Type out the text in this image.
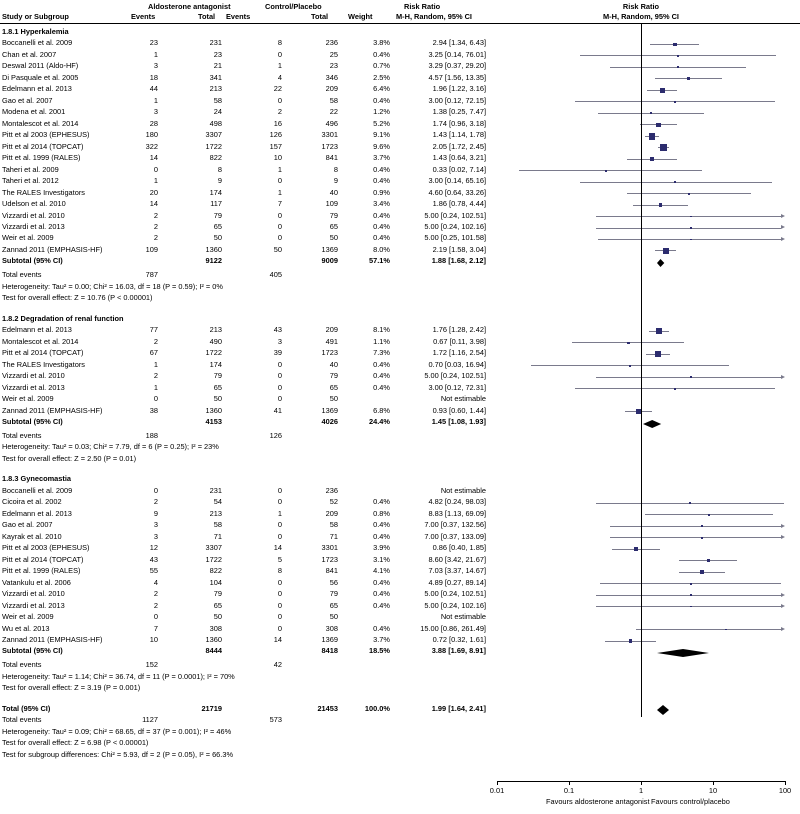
Aldosterone antagonist	Control/Placebo	Risk Ratio	Risk Ratio
Study or Subgroup	Events	Total Events	Total	Weight	M-H, Random, 95% CI	M-H, Random, 95% CI
1.8.1 Hyperkalemia
Boccanelli et al. 2009	23	231	8	236	3.8%	2.94 [1.34, 6.43]
Chan et al. 2007	1	23	0	25	0.4%	3.25 [0.14, 76.01]
Deswal 2011 (Aldo-HF)	3	21	1	23	0.7%	3.29 [0.37, 29.20]
Di Pasquale et al. 2005	18	341	4	346	2.5%	4.57 [1.56, 13.35]
Edelmann et al. 2013	44	213	22	209	6.4%	1.96 [1.22, 3.16]
Gao et al. 2007	1	58	0	58	0.4%	3.00 [0.12, 72.15]
Modena et al. 2001	3	24	2	22	1.2%	1.38 [0.25, 7.47]
Montalescot et al. 2014	28	498	16	496	5.2%	1.74 [0.96, 3.18]
Pitt et al 2003 (EPHESUS)	180	3307	126	3301	9.1%	1.43 [1.14, 1.78]
Pitt et al 2014 (TOPCAT)	322	1722	157	1723	9.6%	2.05 [1.72, 2.45]
Pitt et al. 1999 (RALES)	14	822	10	841	3.7%	1.43 [0.64, 3.21]
Taheri et al. 2009	0	8	1	8	0.4%	0.33 [0.02, 7.14]
Taheri et al. 2012	1	9	0	9	0.4%	3.00 [0.14, 65.16]
The RALES Investigators	20	174	1	40	0.9%	4.60 [0.64, 33.26]
Udelson et al. 2010	14	117	7	109	3.4%	1.86 [0.78, 4.44]
Vizzardi et al. 2010	2	79	0	79	0.4%	5.00 [0.24, 102.51]
Vizzardi et al. 2013	2	65	0	65	0.4%	5.00 [0.24, 102.16]
Weir et al. 2009	2	50	0	50	0.4%	5.00 [0.25, 101.58]
Zannad 2011 (EMPHASIS-HF)	109	1360	50	1369	8.0%	2.19 [1.58, 3.04]
Subtotal (95% CI)	9122	9009	57.1%	1.88 [1.68, 2.12]
Total events	787	405
Heterogeneity: Tau² = 0.00; Chi² = 16.03, df = 18 (P = 0.59); I² = 0%
Test for overall effect: Z = 10.76 (P < 0.00001)
1.8.2 Degradation of renal function
Edelmann et al. 2013	77	213	43	209	8.1%	1.76 [1.28, 2.42]
Montalescot et al. 2014	2	490	3	491	1.1%	0.67 [0.11, 3.98]
Pitt et al 2014 (TOPCAT)	67	1722	39	1723	7.3%	1.72 [1.16, 2.54]
The RALES Investigators	1	174	0	40	0.4%	0.70 [0.03, 16.94]
Vizzardi et al. 2010	2	79	0	79	0.4%	5.00 [0.24, 102.51]
Vizzardi et al. 2013	1	65	0	65	0.4%	3.00 [0.12, 72.31]
Weir et al. 2009	0	50	0	50	Not estimable
Zannad 2011 (EMPHASIS-HF)	38	1360	41	1369	6.8%	0.93 [0.60, 1.44]
Subtotal (95% CI)	4153	4026	24.4%	1.45 [1.08, 1.93]
Total events	188	126
Heterogeneity: Tau² = 0.03; Chi² = 7.79, df = 6 (P = 0.25); I² = 23%
Test for overall effect: Z = 2.50 (P = 0.01)
1.8.3 Gynecomastia
Boccanelli et al. 2009	0	231	0	236	Not estimable
Cicoira et al. 2002	2	54	0	52	0.4%	4.82 [0.24, 98.03]
Edelmann et al. 2013	9	213	1	209	0.8%	8.83 [1.13, 69.09]
Gao et al. 2007	3	58	0	58	0.4%	7.00 [0.37, 132.56]
Kayrak et al. 2010	3	71	0	71	0.4%	7.00 [0.37, 133.09]
Pitt et al 2003 (EPHESUS)	12	3307	14	3301	3.9%	0.86 [0.40, 1.85]
Pitt et al 2014 (TOPCAT)	43	1722	5	1723	3.1%	8.60 [3.42, 21.67]
Pitt et al. 1999 (RALES)	55	822	8	841	4.1%	7.03 [3.37, 14.67]
Vatankulu et al. 2006	4	104	0	56	0.4%	4.89 [0.27, 89.14]
Vizzardi et al. 2010	2	79	0	79	0.4%	5.00 [0.24, 102.51]
Vizzardi et al. 2013	2	65	0	65	0.4%	5.00 [0.24, 102.16]
Weir et al. 2009	0	50	0	50	Not estimable
Wu et al. 2013	7	308	0	308	0.4%	15.00 [0.86, 261.49]
Zannad 2011 (EMPHASIS-HF)	10	1360	14	1369	3.7%	0.72 [0.32, 1.61]
Subtotal (95% CI)	8444	8418	18.5%	3.88 [1.69, 8.91]
Total events	152	42
Heterogeneity: Tau² = 1.14; Chi² = 36.74, df = 11 (P = 0.0001); I² = 70%
Test for overall effect: Z = 3.19 (P = 0.001)
Total (95% CI)	21719	21453	100.0%	1.99 [1.64, 2.41]
Total events	1127	573
Heterogeneity: Tau² = 0.09; Chi² = 68.65, df = 37 (P = 0.001); I² = 46%
Test for overall effect: Z = 6.98 (P < 0.00001)
Test for subgroup differences: Chi² = 5.93, df = 2 (P = 0.05), I² = 66.3%
0.01	0.1	1	10	100
Favours aldosterone antagonist Favours control/placebo
